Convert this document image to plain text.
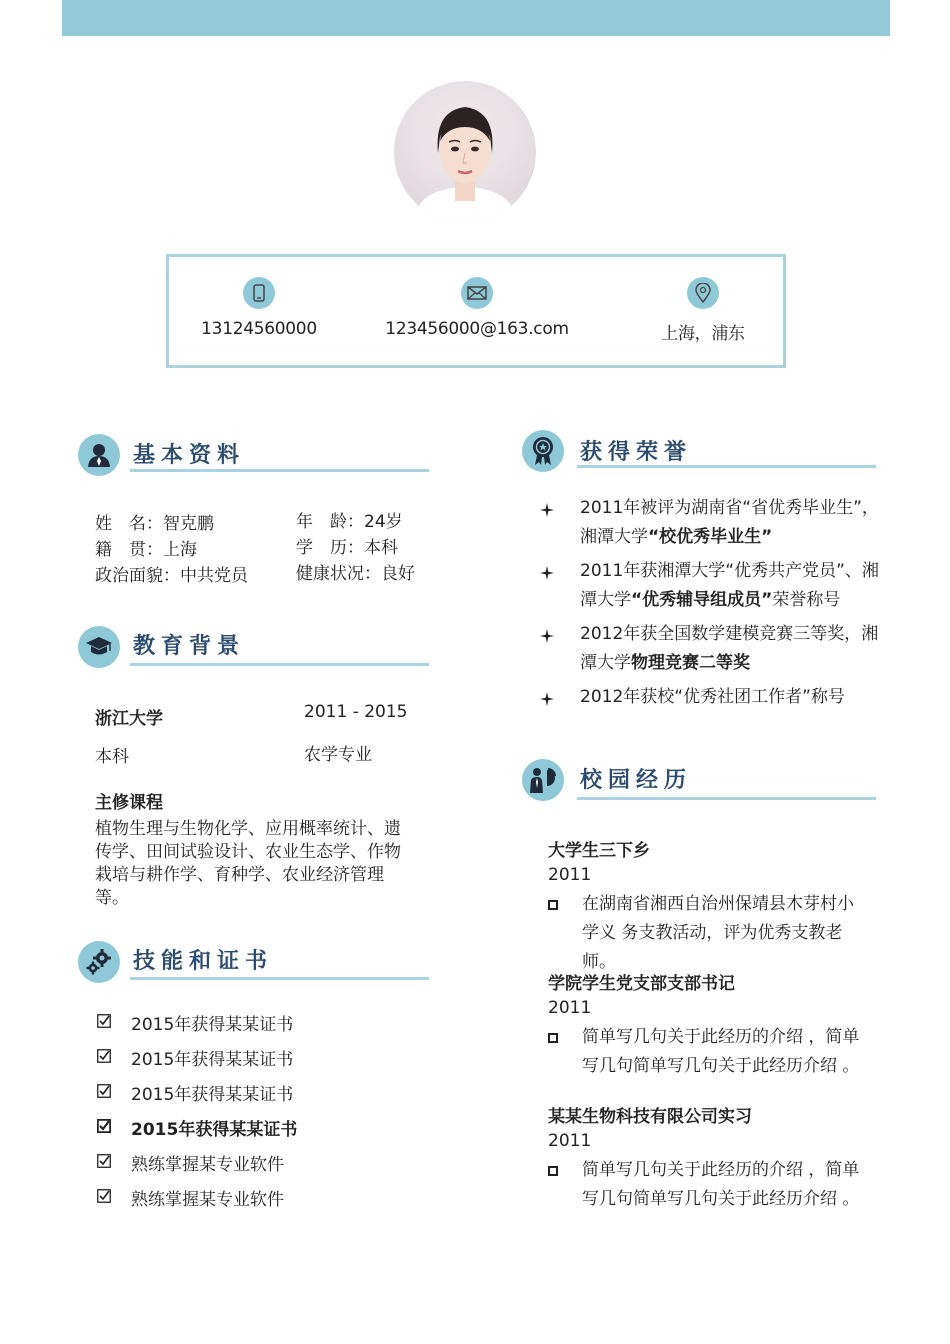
13124560000	123456000@163.com	上海，浦东
基本资料
姓　名：智克鹏	年　龄：24岁
籍　贯：上海	学　历：本科
政治面貌：中共党员	健康状况：良好
教育背景
浙江大学	2011 - 2015
本科	农学专业
主修课程
植物生理与生物化学、应用概率统计、遗传学、田间试验设计、农业生态学、作物栽培与耕作学、育种学、农业经济管理等。
技能和证书
2015年获得某某证书
2015年获得某某证书
2015年获得某某证书
2015年获得某某证书
熟练掌握某专业软件
熟练掌握某专业软件
获得荣誉
2011年被评为湖南省“省优秀毕业生”，湘潭大学“校优秀毕业生”
2011年获湘潭大学“优秀共产党员”、湘潭大学“优秀辅导组成员”荣誉称号
2012年获全国数学建模竞赛三等奖，湘潭大学物理竞赛二等奖
2012年获校“优秀社团工作者”称号
校园经历
大学生三下乡
2011
在湖南省湘西自治州保靖县木芽村小学义 务支教活动，评为优秀支教老师。
学院学生党支部支部书记
2011
简单写几句关于此经历的介绍 ，简单写几句简单写几句关于此经历介绍 。
某某生物科技有限公司实习
2011
简单写几句关于此经历的介绍 ，简单写几句简单写几句关于此经历介绍 。
